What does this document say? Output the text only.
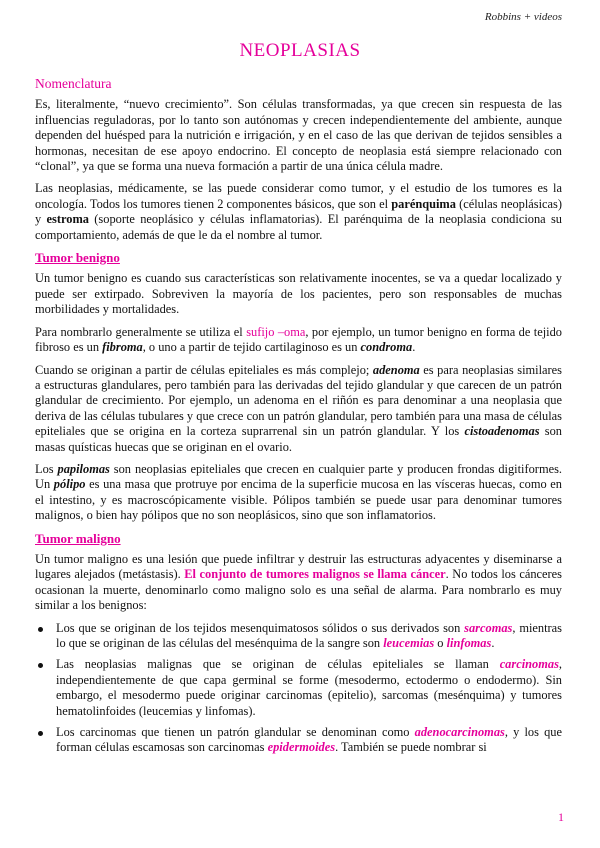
Robbins + videos
NEOPLASIAS
Nomenclatura

Es, literalmente, “nuevo crecimiento”. Son células transformadas, ya que crecen sin respuesta de las influencias reguladoras, por lo tanto son autónomas y crecen independientemente del ambiente, aunque dependen del huésped para la nutrición e irrigación, y en el caso de las que derivan de tejidos sensibles a hormonas, necesitan de ese apoyo endocrino. El concepto de neoplasia está siempre relacionado con “clonal”, ya que se forma una nueva formación a partir de una única célula madre.

Las neoplasias, médicamente, se las puede considerar como tumor, y el estudio de los tumores es la oncología. Todos los tumores tienen 2 componentes básicos, que son el parénquima (células neoplásicas) y estroma (soporte neoplásico y células inflamatorias). El parénquima de la neoplasia condiciona su comportamiento, además de que le da el nombre al tumor.

Tumor benigno

Un tumor benigno es cuando sus características son relativamente inocentes, se va a quedar localizado y puede ser extirpado. Sobreviven la mayoría de los pacientes, pero son responsables de muchas morbilidades y mortalidades.

Para nombrarlo generalmente se utiliza el sufijo –oma, por ejemplo, un tumor benigno en forma de tejido fibroso es un fibroma, o uno a partir de tejido cartilaginoso es un condroma.

Cuando se originan a partir de células epiteliales es más complejo; adenoma es para neoplasias similares a estructuras glandulares, pero también para las derivadas del tejido glandular y que carecen de un patrón glandular de crecimiento. Por ejemplo, un adenoma en el riñón es para denominar a una neoplasia que deriva de las células tubulares y que crece con un patrón glandular, pero también para una masa de células epiteliales que se origina en la corteza suprarrenal sin un patrón glandular. Y los cistoadenomas son masas quísticas huecas que se originan en el ovario.

Los papilomas son neoplasias epiteliales que crecen en cualquier parte y producen frondas digitiformes. Un pólipo es una masa que protruye por encima de la superficie mucosa en las vísceras huecas, como en el intestino, y es macroscópicamente visible. Pólipos también se puede usar para denominar tumores malignos, o bien hay pólipos que no son neoplásicos, sino que son inflamatorios.

Tumor maligno

Un tumor maligno es una lesión que puede infiltrar y destruir las estructuras adyacentes y diseminarse a lugares alejados (metástasis). El conjunto de tumores malignos se llama cáncer. No todos los cánceres ocasionan la muerte, denominarlo como maligno solo es una señal de alarma. Para nombrarlo es muy similar a los benignos:

Los que se originan de los tejidos mesenquimatosos sólidos o sus derivados son sarcomas, mientras lo que se originan de las células del mesénquima de la sangre son leucemias o linfomas.
Las neoplasias malignas que se originan de células epiteliales se llaman carcinomas, independientemente de que capa germinal se forme (mesodermo, ectodermo o endodermo). Sin embargo, el mesodermo puede originar carcinomas (epitelio), sarcomas (mesénquima) y tumores hematolinfoides (leucemias y linfomas).
Los carcinomas que tienen un patrón glandular se denominan como adenocarcinomas, y los que forman células escamosas son carcinomas epidermoides. También se puede nombrar si
1
